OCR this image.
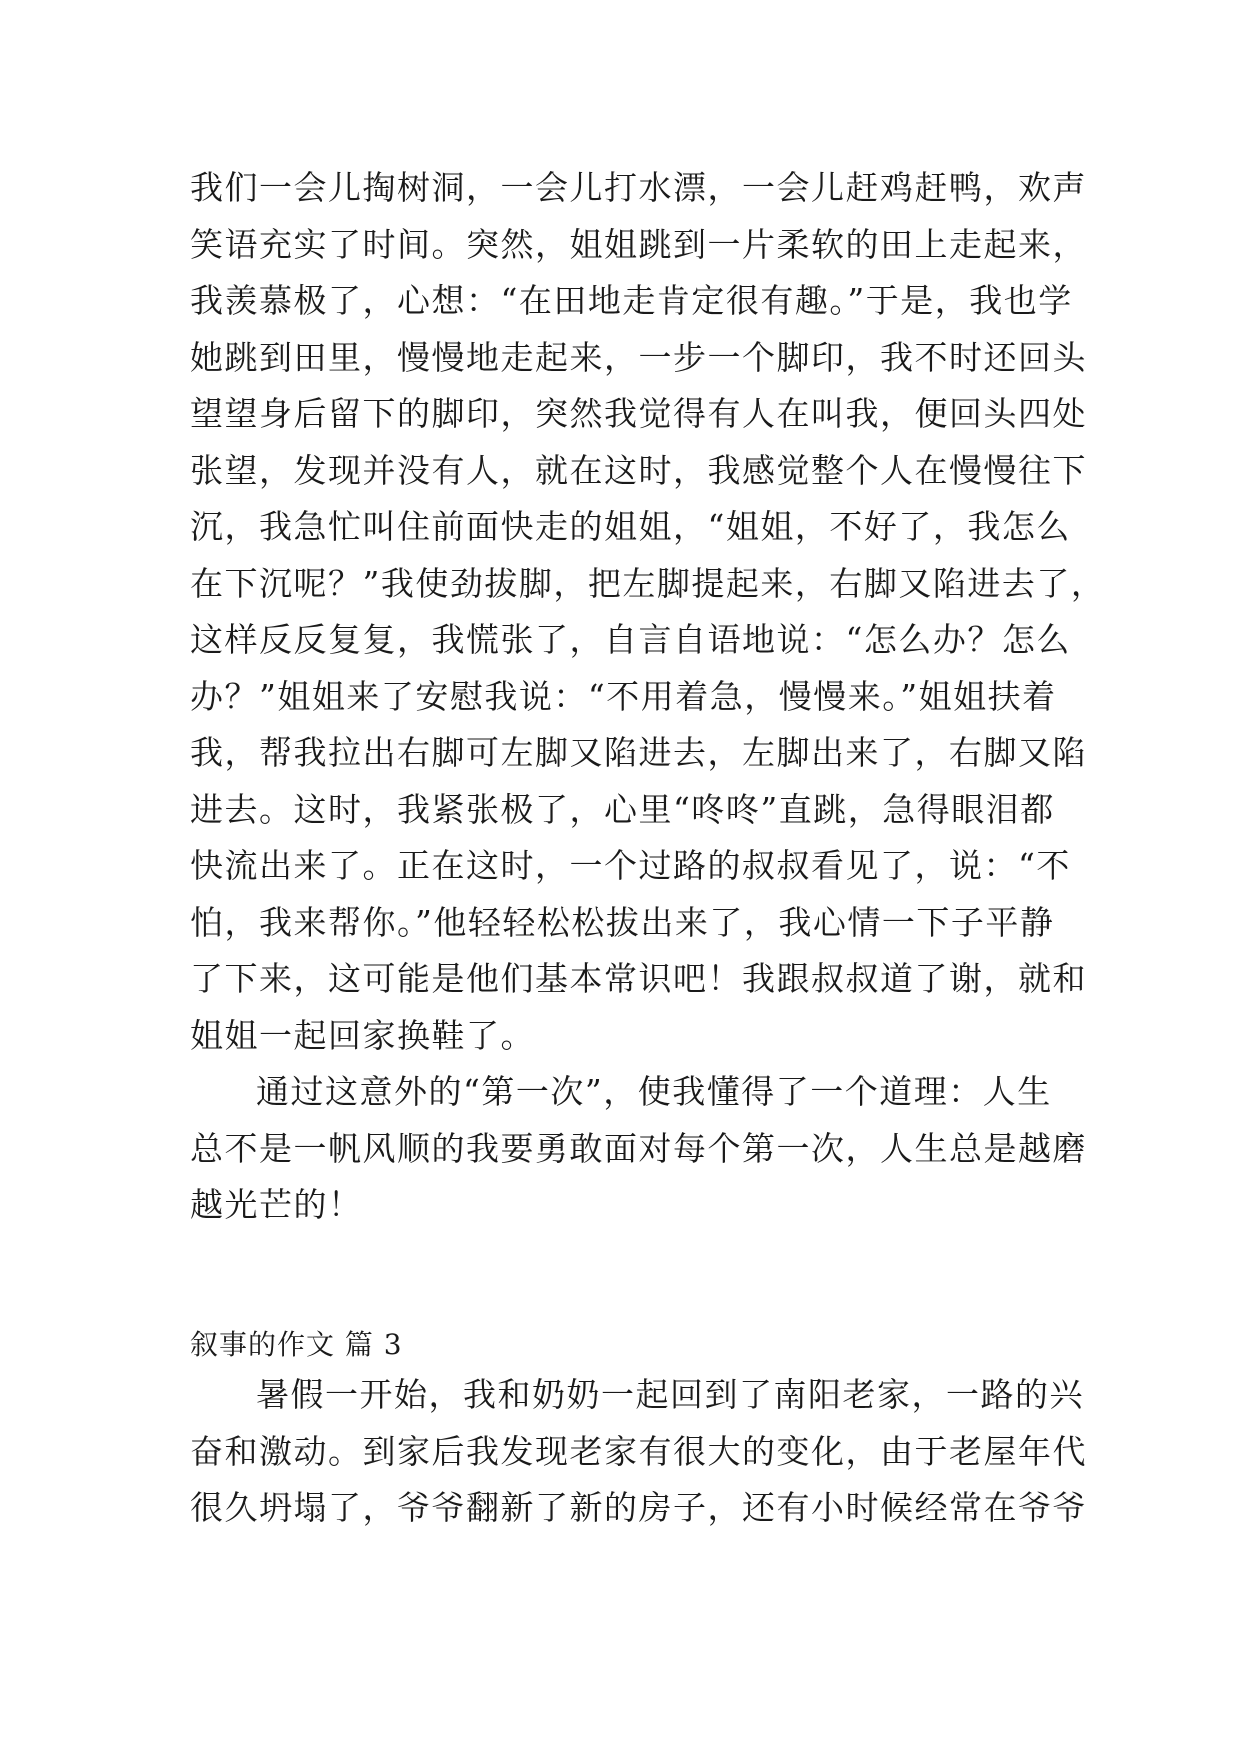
我们一会儿掏树洞，一会儿打水漂，一会儿赶鸡赶鸭，欢声
笑语充实了时间。突然，姐姐跳到一片柔软的田上走起来，
我羡慕极了，心想：“在田地走肯定很有趣。”于是，我也学
她跳到田里，慢慢地走起来，一步一个脚印，我不时还回头
望望身后留下的脚印，突然我觉得有人在叫我，便回头四处
张望，发现并没有人，就在这时，我感觉整个人在慢慢往下
沉，我急忙叫住前面快走的姐姐，“姐姐，不好了，我怎么
在下沉呢？”我使劲拔脚，把左脚提起来，右脚又陷进去了，
这样反反复复，我慌张了，自言自语地说：“怎么办？怎么
办？”姐姐来了安慰我说：“不用着急，慢慢来。”姐姐扶着
我，帮我拉出右脚可左脚又陷进去，左脚出来了，右脚又陷
进去。这时，我紧张极了，心里“咚咚”直跳，急得眼泪都
快流出来了。正在这时，一个过路的叔叔看见了，说：“不
怕，我来帮你。”他轻轻松松拔出来了，我心情一下子平静
了下来，这可能是他们基本常识吧！我跟叔叔道了谢，就和
姐姐一起回家换鞋了。
通过这意外的“第一次”，使我懂得了一个道理：人生
总不是一帆风顺的我要勇敢面对每个第一次，人生总是越磨
越光芒的！
叙事的作文 篇 3
暑假一开始，我和奶奶一起回到了南阳老家，一路的兴
奋和激动。到家后我发现老家有很大的变化，由于老屋年代
很久坍塌了，爷爷翻新了新的房子，还有小时候经常在爷爷
